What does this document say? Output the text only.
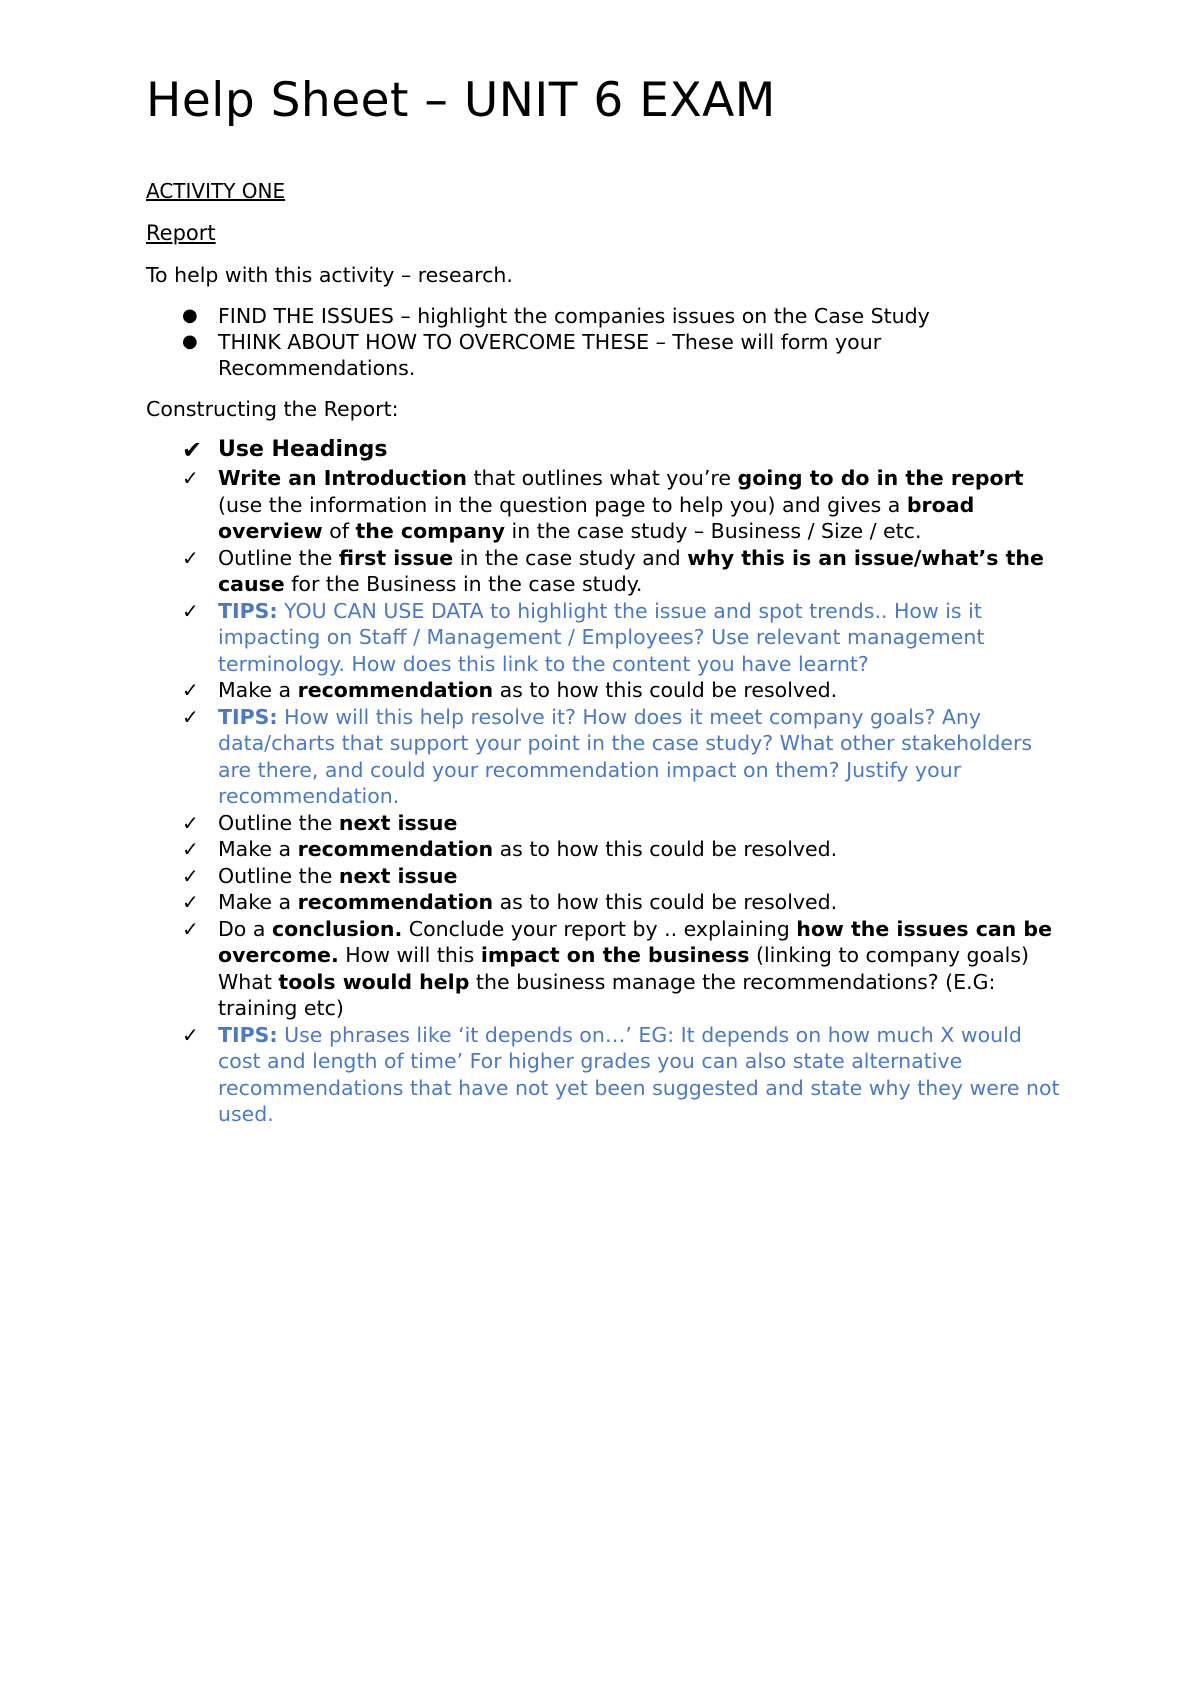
Help Sheet – UNIT 6 EXAM
ACTIVITY ONE
Report
To help with this activity – research.
● FIND THE ISSUES – highlight the companies issues on the Case Study
● THINK ABOUT HOW TO OVERCOME THESE – These will form your Recommendations.
Constructing the Report:
✔ Use Headings
✓ Write an Introduction that outlines what you’re going to do in the report (use the information in the question page to help you) and gives a broad overview of the company in the case study – Business / Size / etc.
✓ Outline the first issue in the case study and why this is an issue/what’s the cause for the Business in the case study.
✓ TIPS: YOU CAN USE DATA to highlight the issue and spot trends.. How is it impacting on Staff / Management / Employees? Use relevant management terminology. How does this link to the content you have learnt?
✓ Make a recommendation as to how this could be resolved.
✓ TIPS: How will this help resolve it? How does it meet company goals? Any data/charts that support your point in the case study? What other stakeholders are there, and could your recommendation impact on them? Justify your recommendation.
✓ Outline the next issue
✓ Make a recommendation as to how this could be resolved.
✓ Outline the next issue
✓ Make a recommendation as to how this could be resolved.
✓ Do a conclusion. Conclude your report by .. explaining how the issues can be overcome. How will this impact on the business (linking to company goals) What tools would help the business manage the recommendations? (E.G: training etc)
✓ TIPS: Use phrases like ‘it depends on…’ EG: It depends on how much X would cost and length of time’ For higher grades you can also state alternative recommendations that have not yet been suggested and state why they were not used.
